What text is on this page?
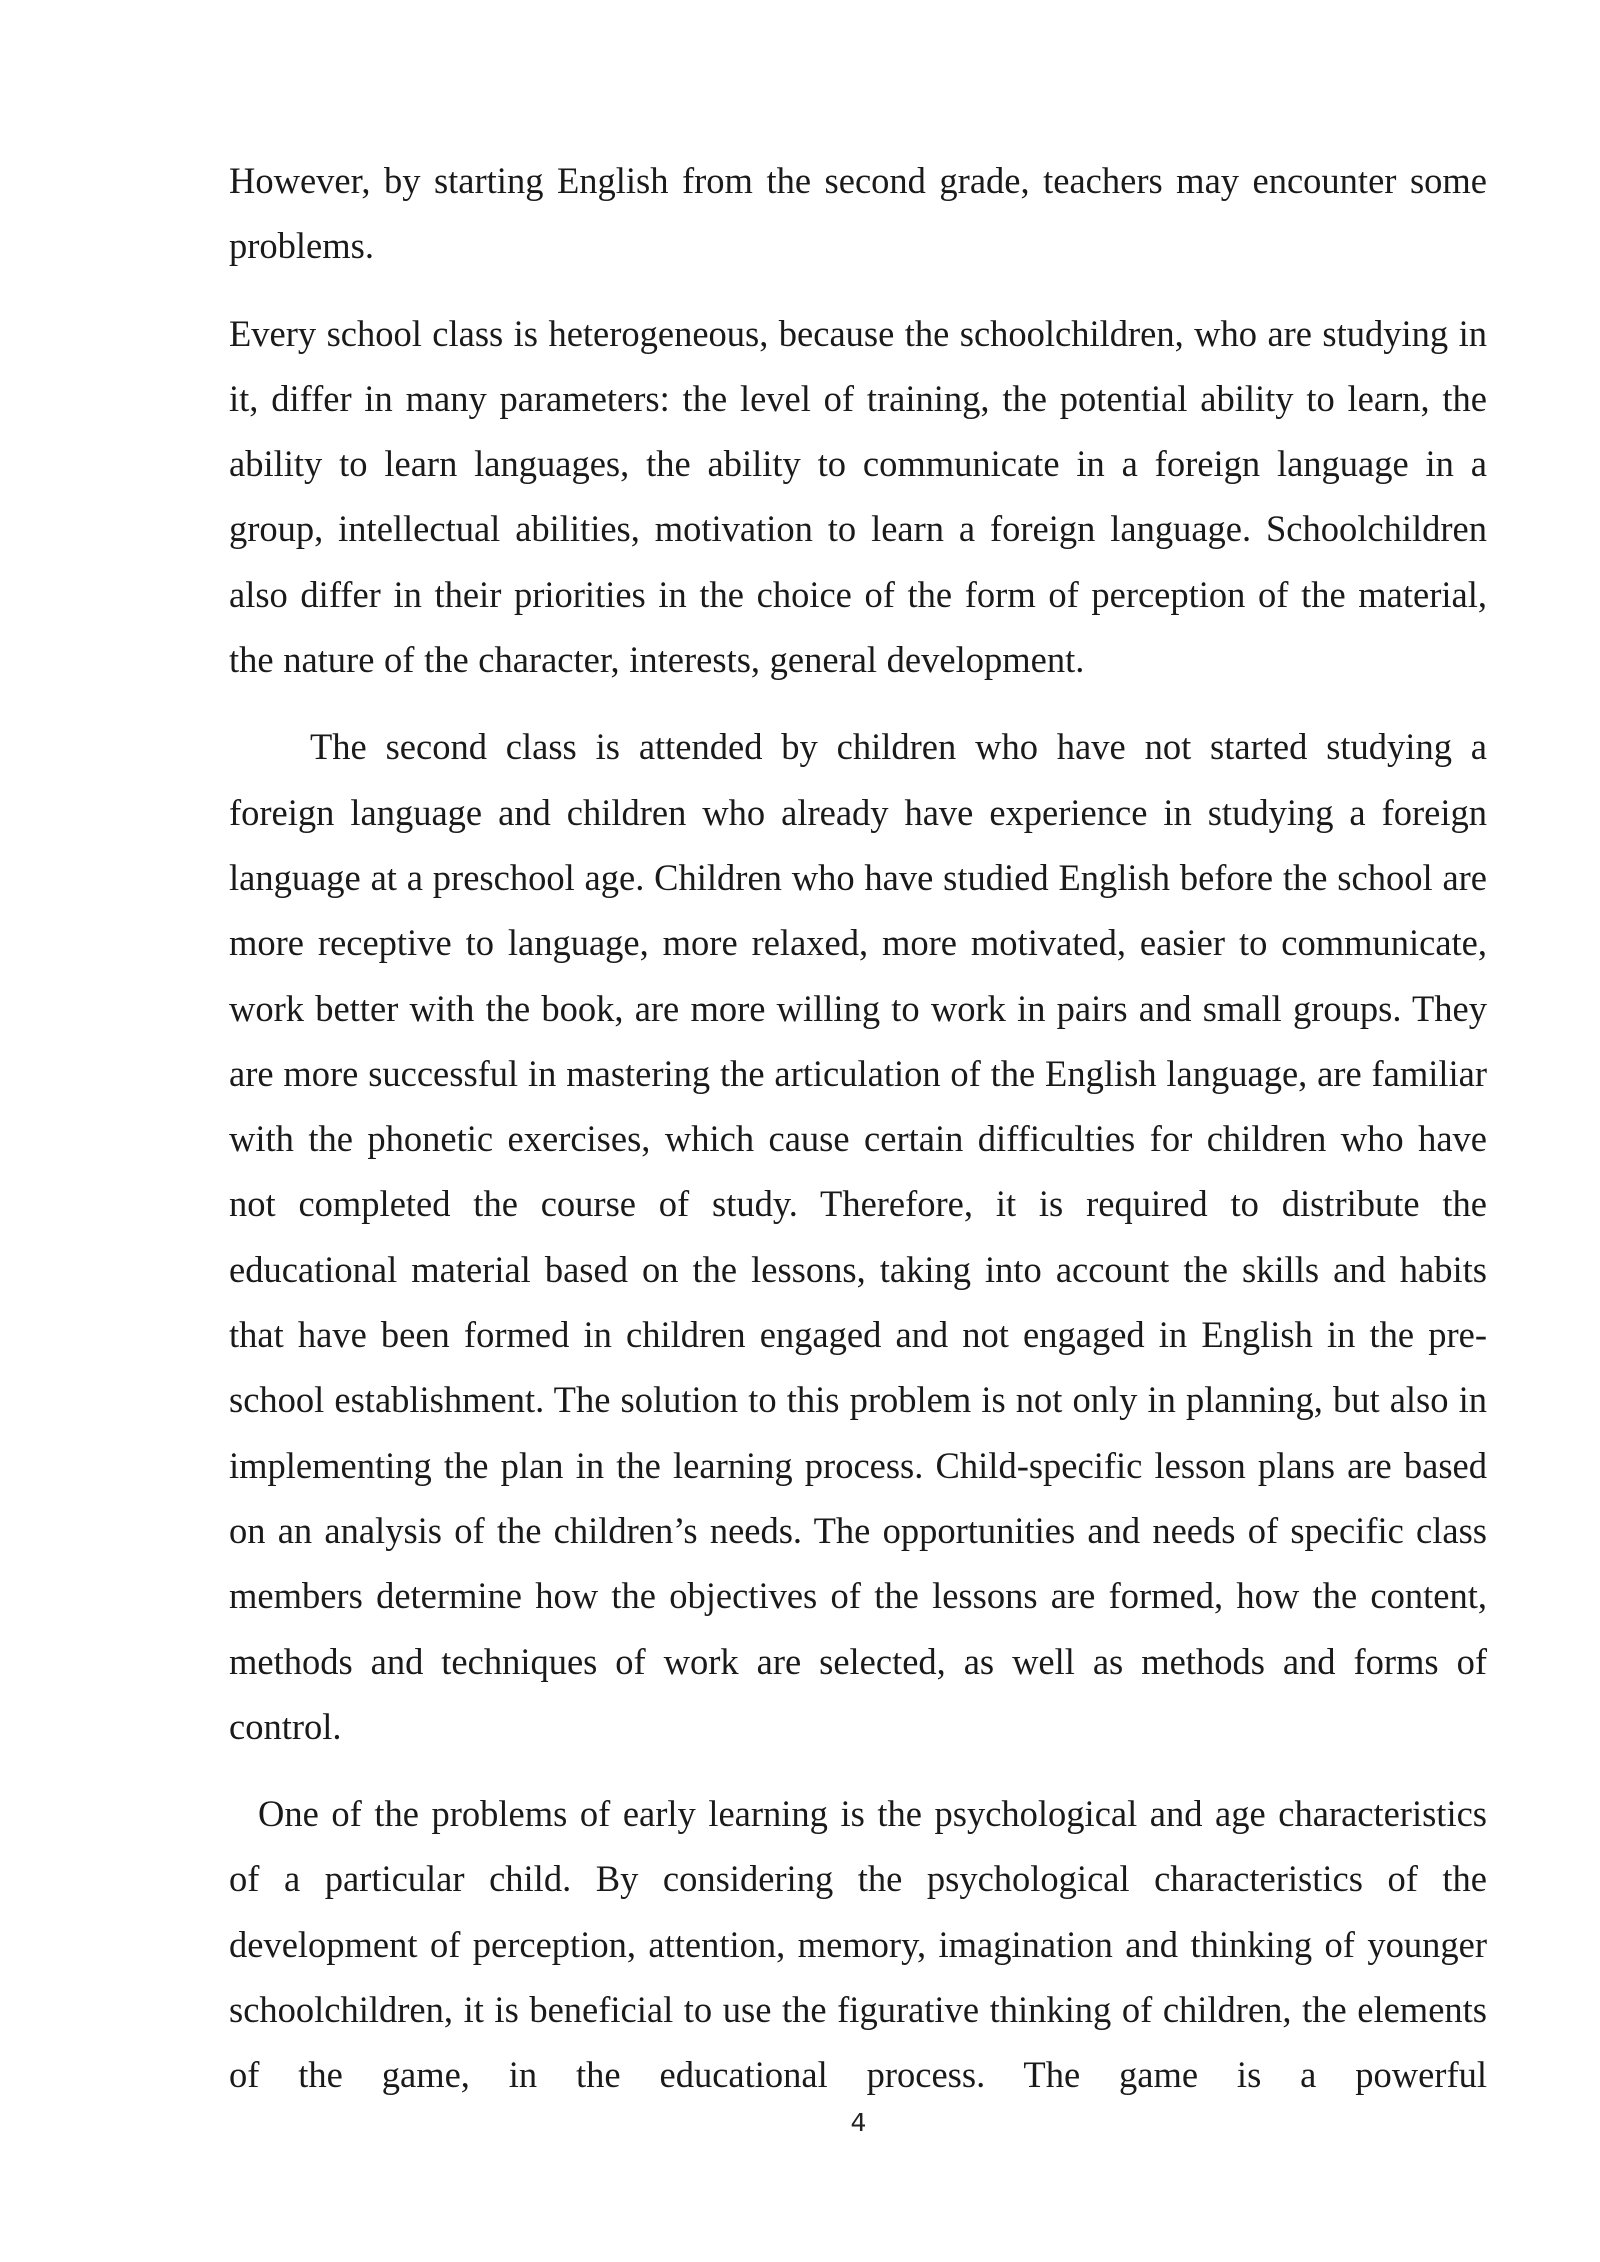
However, by starting English from the second grade, teachers may encounter some problems.

Every school class is heterogeneous, because the schoolchildren, who are studying in it, differ in many parameters: the level of training, the potential ability to learn, the ability to learn languages, the ability to communicate in a foreign language in a group, intellectual abilities, motivation to learn a foreign language. Schoolchildren also differ in their priorities in the choice of the form of perception of the material, the nature of the character, interests, general development.

The second class is attended by children who have not started studying a foreign language and children who already have experience in studying a foreign language at a preschool age. Children who have studied English before the school are more receptive to language, more relaxed, more motivated, easier to communicate, work better with the book, are more willing to work in pairs and small groups. They are more successful in mastering the articulation of the English language, are familiar with the phonetic exercises, which cause certain difficulties for children who have not completed the course of study. Therefore, it is required to distribute the educational material based on the lessons, taking into account the skills and habits that have been formed in children engaged and not engaged in English in the pre-school establishment. The solution to this problem is not only in planning, but also in implementing the plan in the learning process. Child-specific lesson plans are based on an analysis of the children’s needs. The opportunities and needs of specific class members determine how the objectives of the lessons are formed, how the content, methods and techniques of work are selected, as well as methods and forms of control.

One of the problems of early learning is the psychological and age characteristics of a particular child. By considering the psychological characteristics of the development of perception, attention, memory, imagination and thinking of younger schoolchildren, it is beneficial to use the figurative thinking of children, the elements of the game, in the educational process. The game is a powerful

4
